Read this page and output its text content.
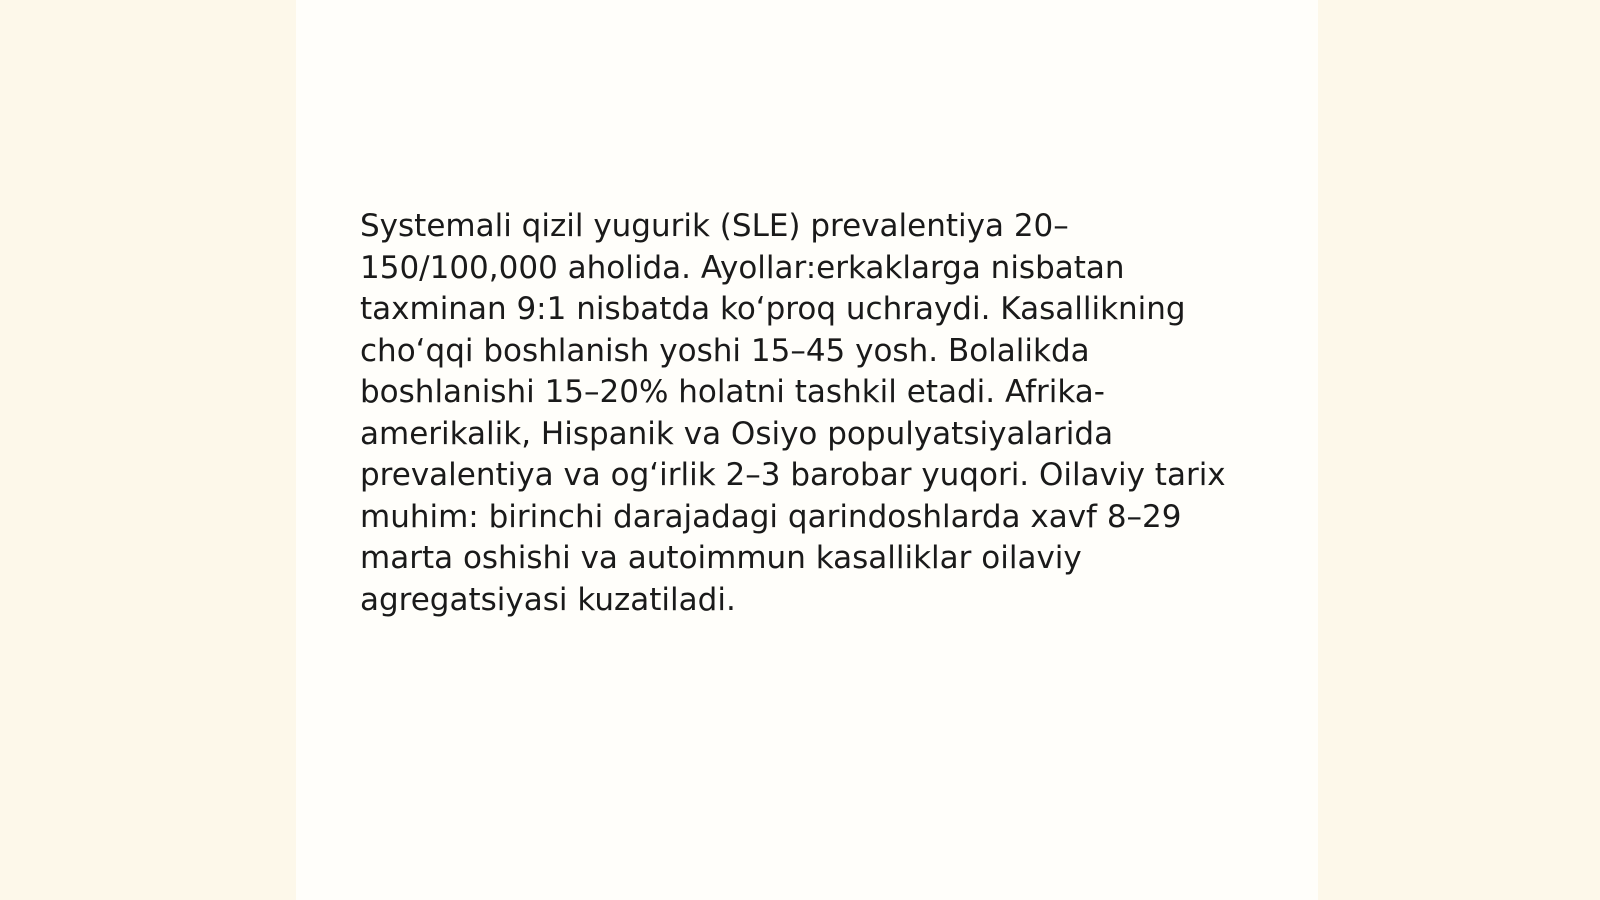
Systemali qizil yugurik (SLE) prevalentiya 20–150/100,000 aholida. Ayollar:erkaklarga nisbatan taxminan 9:1 nisbatda koʻproq uchraydi. Kasallikning choʻqqi boshlanish yoshi 15–45 yosh. Bolalikda boshlanishi 15–20% holatni tashkil etadi. Afrika-amerikalik, Hispanik va Osiyo populyatsiyalarida prevalentiya va ogʻirlik 2–3 barobar yuqori. Oilaviy tarix muhim: birinchi darajadagi qarindoshlarda xavf 8–29 marta oshishi va autoimmun kasalliklar oilaviy agregatsiyasi kuzatiladi.
